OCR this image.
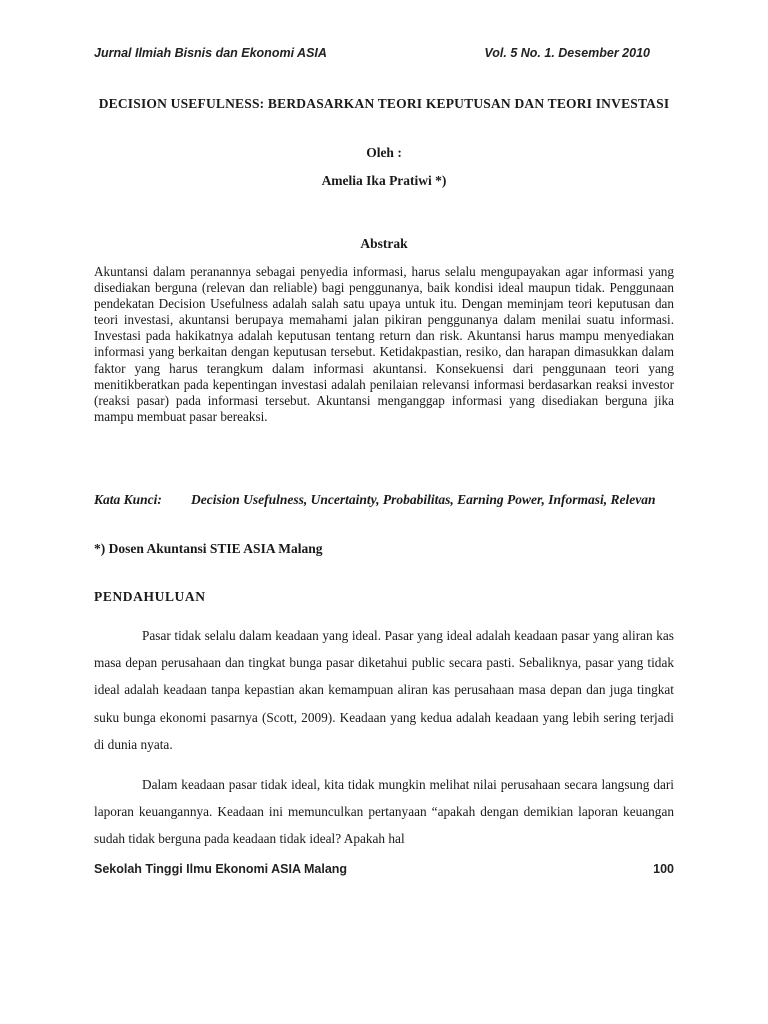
Jurnal Ilmiah Bisnis dan Ekonomi ASIA	Vol. 5 No. 1. Desember 2010
DECISION USEFULNESS: BERDASARKAN TEORI KEPUTUSAN DAN TEORI INVESTASI
Oleh :
Amelia Ika Pratiwi *)
Abstrak
Akuntansi dalam peranannya sebagai penyedia informasi, harus selalu mengupayakan agar informasi yang disediakan berguna (relevan dan reliable) bagi penggunanya, baik kondisi ideal maupun tidak. Penggunaan pendekatan Decision Usefulness adalah salah satu upaya untuk itu. Dengan meminjam teori keputusan dan teori investasi, akuntansi berupaya memahami jalan pikiran penggunanya dalam menilai suatu informasi. Investasi pada hakikatnya adalah keputusan tentang return dan risk. Akuntansi harus mampu menyediakan informasi yang berkaitan dengan keputusan tersebut. Ketidakpastian, resiko, dan harapan dimasukkan dalam faktor yang harus terangkum dalam informasi akuntansi. Konsekuensi dari penggunaan teori yang menitikberatkan pada kepentingan investasi adalah penilaian relevansi informasi berdasarkan reaksi investor (reaksi pasar) pada informasi tersebut. Akuntansi menganggap informasi yang disediakan berguna jika mampu membuat pasar bereaksi.
Kata Kunci:	Decision Usefulness, Uncertainty, Probabilitas, Earning Power, Informasi, Relevan
*) Dosen Akuntansi STIE ASIA Malang
PENDAHULUAN

Pasar tidak selalu dalam keadaan yang ideal. Pasar yang ideal adalah keadaan pasar yang aliran kas masa depan perusahaan dan tingkat bunga pasar diketahui public secara pasti. Sebaliknya, pasar yang tidak ideal adalah keadaan tanpa kepastian akan kemampuan aliran kas perusahaan masa depan dan juga tingkat suku bunga ekonomi pasarnya (Scott, 2009). Keadaan yang kedua adalah keadaan yang lebih sering terjadi di dunia nyata.

Dalam keadaan pasar tidak ideal, kita tidak mungkin melihat nilai perusahaan secara langsung dari laporan keuangannya. Keadaan ini memunculkan pertanyaan “apakah dengan demikian laporan keuangan sudah tidak berguna pada keadaan tidak ideal? Apakah hal

Sekolah Tinggi Ilmu Ekonomi ASIA Malang	100
